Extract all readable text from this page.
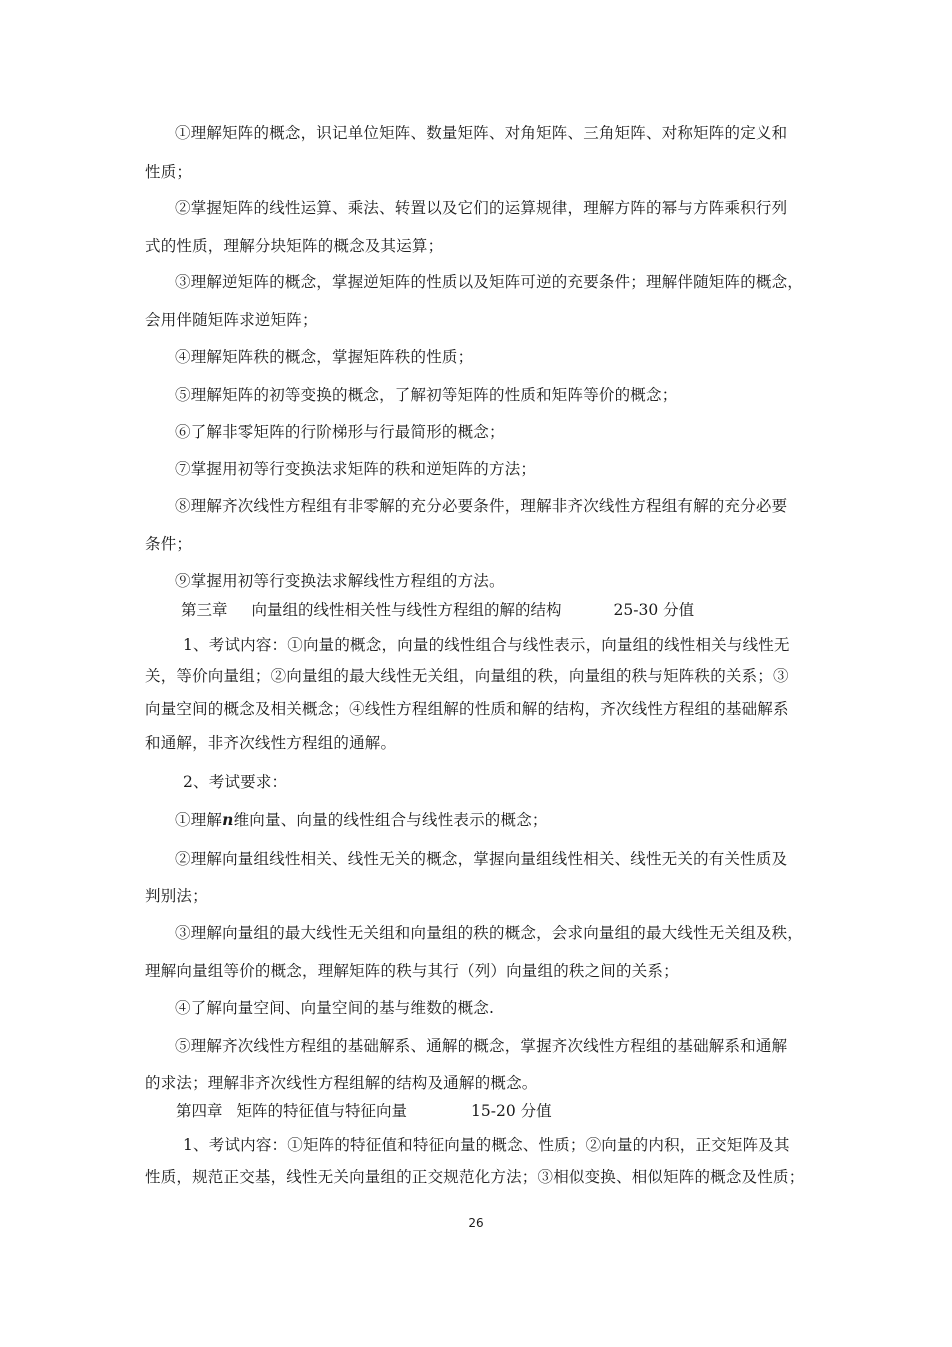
①理解矩阵的概念，识记单位矩阵、数量矩阵、对角矩阵、三角矩阵、对称矩阵的定义和
性质；
②掌握矩阵的线性运算、乘法、转置以及它们的运算规律，理解方阵的幂与方阵乘积行列
式的性质，理解分块矩阵的概念及其运算；
③理解逆矩阵的概念，掌握逆矩阵的性质以及矩阵可逆的充要条件；理解伴随矩阵的概念，
会用伴随矩阵求逆矩阵；
④理解矩阵秩的概念，掌握矩阵秩的性质；
⑤理解矩阵的初等变换的概念，了解初等矩阵的性质和矩阵等价的概念；
⑥了解非零矩阵的行阶梯形与行最简形的概念；
⑦掌握用初等行变换法求矩阵的秩和逆矩阵的方法；
⑧理解齐次线性方程组有非零解的充分必要条件，理解非齐次线性方程组有解的充分必要
条件；
⑨掌握用初等行变换法求解线性方程组的方法。
第三章 向量组的线性相关性与线性方程组的解的结构	25-30 分值
1、考试内容：①向量的概念，向量的线性组合与线性表示，向量组的线性相关与线性无
关，等价向量组；②向量组的最大线性无关组，向量组的秩，向量组的秩与矩阵秩的关系；③
向量空间的概念及相关概念；④线性方程组解的性质和解的结构，齐次线性方程组的基础解系
和通解，非齐次线性方程组的通解。
2、考试要求：
①理解n维向量、向量的线性组合与线性表示的概念；
②理解向量组线性相关、线性无关的概念，掌握向量组线性相关、线性无关的有关性质及
判别法；
③理解向量组的最大线性无关组和向量组的秩的概念，会求向量组的最大线性无关组及秩，
理解向量组等价的概念，理解矩阵的秩与其行（列）向量组的秩之间的关系；
④了解向量空间、向量空间的基与维数的概念.
⑤理解齐次线性方程组的基础解系、通解的概念，掌握齐次线性方程组的基础解系和通解
的求法；理解非齐次线性方程组解的结构及通解的概念。
第四章 矩阵的特征值与特征向量	15-20 分值
1、考试内容：①矩阵的特征值和特征向量的概念、性质；②向量的内积，正交矩阵及其
性质，规范正交基，线性无关向量组的正交规范化方法；③相似变换、相似矩阵的概念及性质；
26
